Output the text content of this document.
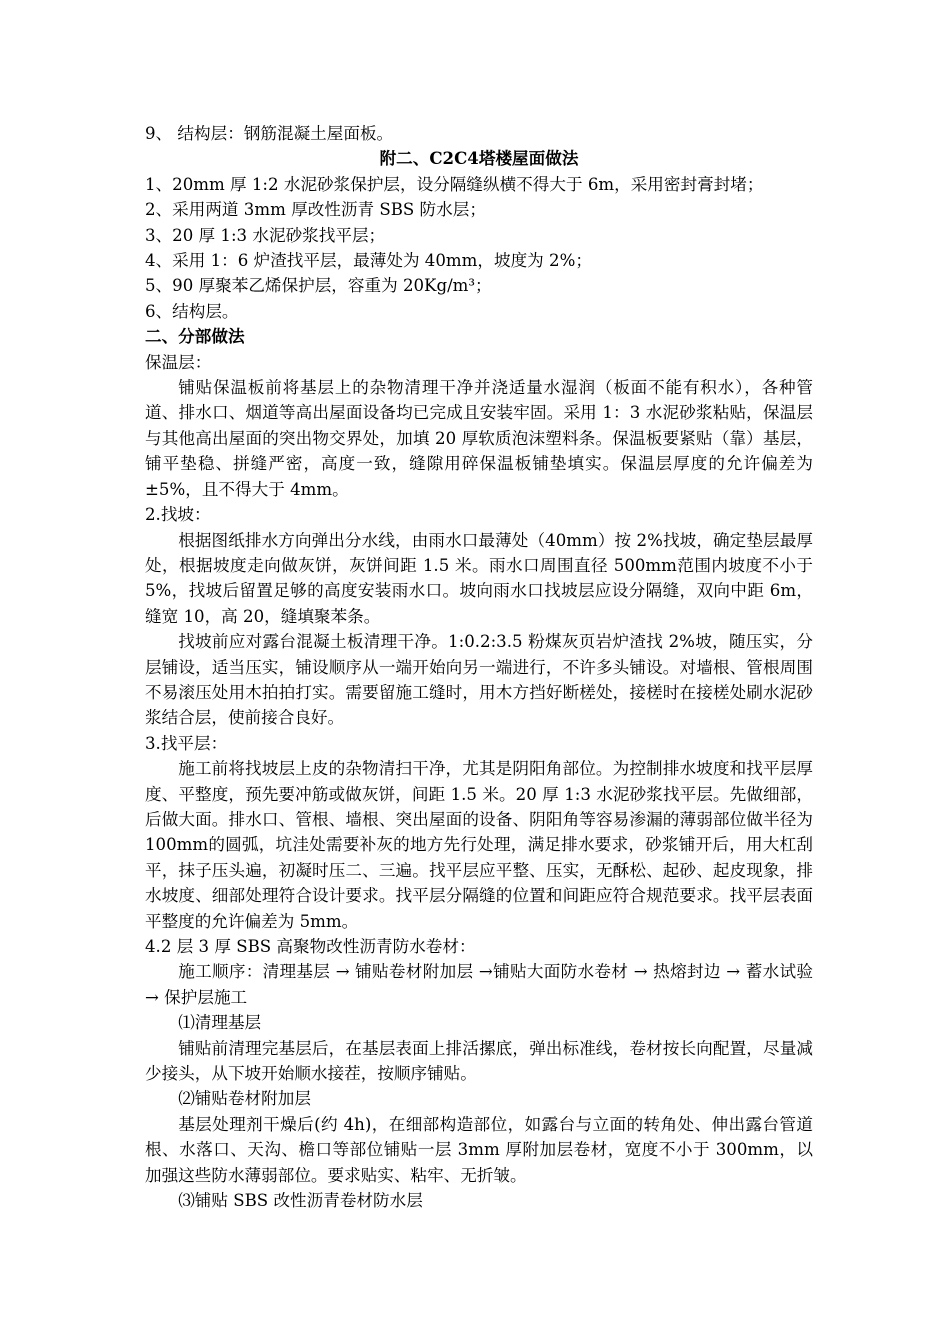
9、 结构层：钢筋混凝土屋面板。

附二、C2C4塔楼屋面做法

1、20mm 厚 1:2 水泥砂浆保护层，设分隔缝纵横不得大于 6m，采用密封膏封堵；

2、采用两道 3mm 厚改性沥青 SBS 防水层；

3、20 厚 1:3 水泥砂浆找平层；

4、采用 1：6 炉渣找平层，最薄处为 40mm，坡度为 2%；

5、90 厚聚苯乙烯保护层，容重为 20Kg/m³；

6、结构层。

二、分部做法

保温层：

铺贴保温板前将基层上的杂物清理干净并浇适量水湿润（板面不能有积水），各种管道、排水口、烟道等高出屋面设备均已完成且安装牢固。采用 1：3 水泥砂浆粘贴，保温层与其他高出屋面的突出物交界处，加填 20 厚软质泡沫塑料条。保温板要紧贴（靠）基层，铺平垫稳、拼缝严密，高度一致，缝隙用碎保温板铺垫填实。保温层厚度的允许偏差为±5%，且不得大于 4mm。

2.找坡：

根据图纸排水方向弹出分水线，由雨水口最薄处（40mm）按 2%找坡，确定垫层最厚处，根据坡度走向做灰饼，灰饼间距 1.5 米。雨水口周围直径 500mm范围内坡度不小于 5%，找坡后留置足够的高度安装雨水口。坡向雨水口找坡层应设分隔缝，双向中距 6m，缝宽 10，高 20，缝填聚苯条。

找坡前应对露台混凝土板清理干净。1:0.2:3.5 粉煤灰页岩炉渣找 2%坡，随压实，分层铺设，适当压实，铺设顺序从一端开始向另一端进行，不许多头铺设。对墙根、管根周围不易滚压处用木拍拍打实。需要留施工缝时，用木方挡好断槎处，接槎时在接槎处刷水泥砂浆结合层，使前接合良好。

3.找平层：

施工前将找坡层上皮的杂物清扫干净，尤其是阴阳角部位。为控制排水坡度和找平层厚度、平整度，预先要冲筋或做灰饼，间距 1.5 米。20 厚 1:3 水泥砂浆找平层。先做细部，后做大面。排水口、管根、墙根、突出屋面的设备、阴阳角等容易渗漏的薄弱部位做半径为 100mm的圆弧，坑洼处需要补灰的地方先行处理，满足排水要求，砂浆铺开后，用大杠刮平，抹子压头遍，初凝时压二、三遍。找平层应平整、压实，无酥松、起砂、起皮现象，排水坡度、细部处理符合设计要求。找平层分隔缝的位置和间距应符合规范要求。找平层表面平整度的允许偏差为 5mm。

4.2 层 3 厚 SBS 高聚物改性沥青防水卷材：

施工顺序：清理基层 → 铺贴卷材附加层 →铺贴大面防水卷材 → 热熔封边 → 蓄水试验 → 保护层施工

⑴清理基层

铺贴前清理完基层后，在基层表面上排活摞底，弹出标准线，卷材按长向配置，尽量减少接头，从下坡开始顺水接茬，按顺序铺贴。

⑵铺贴卷材附加层

基层处理剂干燥后(约 4h)，在细部构造部位，如露台与立面的转角处、伸出露台管道根、水落口、天沟、檐口等部位铺贴一层 3mm 厚附加层卷材，宽度不小于 300mm，以加强这些防水薄弱部位。要求贴实、粘牢、无折皱。

⑶铺贴 SBS 改性沥青卷材防水层
